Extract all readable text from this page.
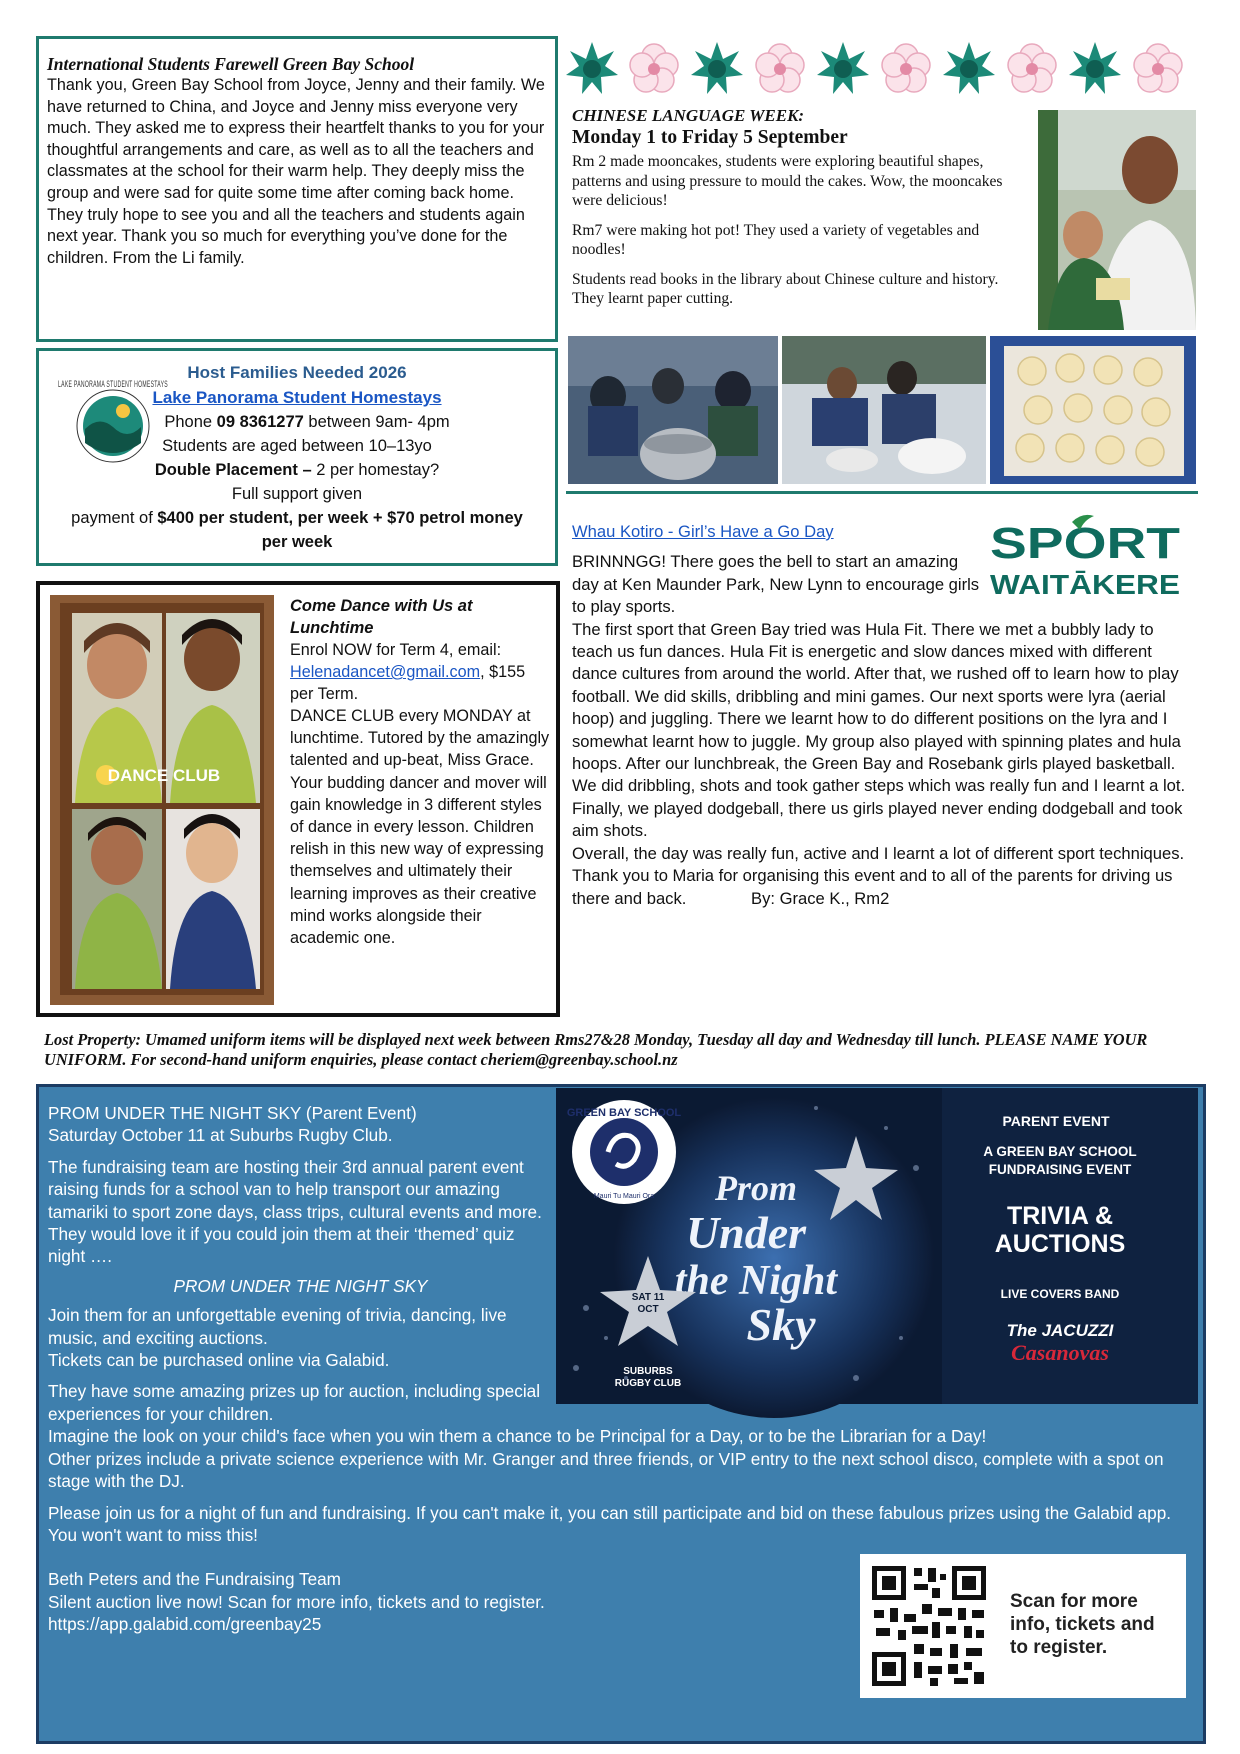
International Students Farewell Green Bay School

Thank you, Green Bay School from Joyce, Jenny and their family. We have returned to China, and Joyce and Jenny miss everyone very much. They asked me to express their heartfelt thanks to you for your thoughtful arrangements and care, as well as to all the teachers and classmates at the school for their warm help. They deeply miss the group and were sad for quite some time after coming back home. They truly hope to see you and all the teachers and students again next year. Thank you so much for everything you’ve done for the children. From the Li family.

CHINESE LANGUAGE WEEK:

Monday 1 to Friday 5 September

Rm 2 made mooncakes, students were exploring beautiful shapes, patterns and using pressure to mould the cakes. Wow, the mooncakes were delicious!

Rm7 were making hot pot! They used a variety of vegetables and noodles!

Students read books in the library about Chinese culture and history. They learnt paper cutting.

LAKE PANORAMA STUDENT HOMESTAYS

Host Families Needed 2026

Lake Panorama Student Homestays

Phone 09 8361277 between 9am- 4pm

Students are aged between 10–13yo

Double Placement – 2 per homestay?

Full support given

payment of $400 per student, per week + $70 petrol money per week

DANCE CLUB

Come Dance with Us at Lunchtime

Enrol NOW for Term 4, email: Helenadancet@gmail.com, $155 per Term.

DANCE CLUB every MONDAY at lunchtime. Tutored by the amazingly talented and up-beat, Miss Grace. Your budding dancer and mover will gain knowledge in 3 different styles of dance in every lesson. Children relish in this new way of expressing themselves and ultimately their learning improves as their creative mind works alongside their academic one.

SPORT
WAITĀKERE

Whau Kotiro - Girl’s Have a Go Day

BRINNNGG! There goes the bell to start an amazing day at Ken Maunder Park, New Lynn to encourage girls to play sports.

The first sport that Green Bay tried was Hula Fit. There we met a bubbly lady to teach us fun dances. Hula Fit is energetic and slow dances mixed with different dance cultures from around the world. After that, we rushed off to learn how to play football. We did skills, dribbling and mini games. Our next sports were lyra (aerial hoop) and juggling. There we learnt how to do different positions on the lyra and I somewhat learnt how to juggle. My group also played with spinning plates and hula hoops. After our lunchbreak, the Green Bay and Rosebank girls played basketball. We did dribbling, shots and took gather steps which was really fun and I learnt a lot. Finally, we played dodgeball, there us girls played never ending dodgeball and took aim shots.

Overall, the day was really fun, active and I learnt a lot of different sport techniques.

Thank you to Maria for organising this event and to all of the parents for driving us there and back.	By: Grace K., Rm2

Lost Property: Umamed uniform items will be displayed next week between Rms27&28 Monday, Tuesday all day and Wednesday till lunch. PLEASE NAME YOUR UNIFORM. For second-hand uniform enquiries, please contact cheriem@greenbay.school.nz

PROM UNDER THE NIGHT SKY (Parent Event)

Saturday October 11 at Suburbs Rugby Club.

The fundraising team are hosting their 3rd annual parent event raising funds for a school van to help transport our amazing tamariki to sport zone days, class trips, cultural events and more. They would love it if you could join them at their ‘themed’ quiz night ….

PROM UNDER THE NIGHT SKY

Join them for an unforgettable evening of trivia, dancing, live music, and exciting auctions.

Tickets can be purchased online via Galabid.

They have some amazing prizes up for auction, including special experiences for your children.

Imagine the look on your child's face when you win them a chance to be Principal for a Day, or to be the Librarian for a Day!

Other prizes include a private science experience with Mr. Granger and three friends, or VIP entry to the next school disco, complete with a spot on stage with the DJ.

Please join us for a night of fun and fundraising. If you can't make it, you can still participate and bid on these fabulous prizes using the Galabid app. You won't want to miss this!

Beth Peters and the Fundraising Team

Silent auction live now! Scan for more info, tickets and to register.

https://app.galabid.com/greenbay25

GREEN BAY SCHOOL
Mauri Tu Mauri Ora Prom
Under
the Night
Sky
SAT 11
OCT
SUBURBS
RUGBY CLUB
PARENT EVENT
A GREEN BAY SCHOOL
FUNDRAISING EVENT
TRIVIA &
AUCTIONS
LIVE COVERS BAND
The JACUZZI
Casanovas

Scan for more info, tickets and to register.
